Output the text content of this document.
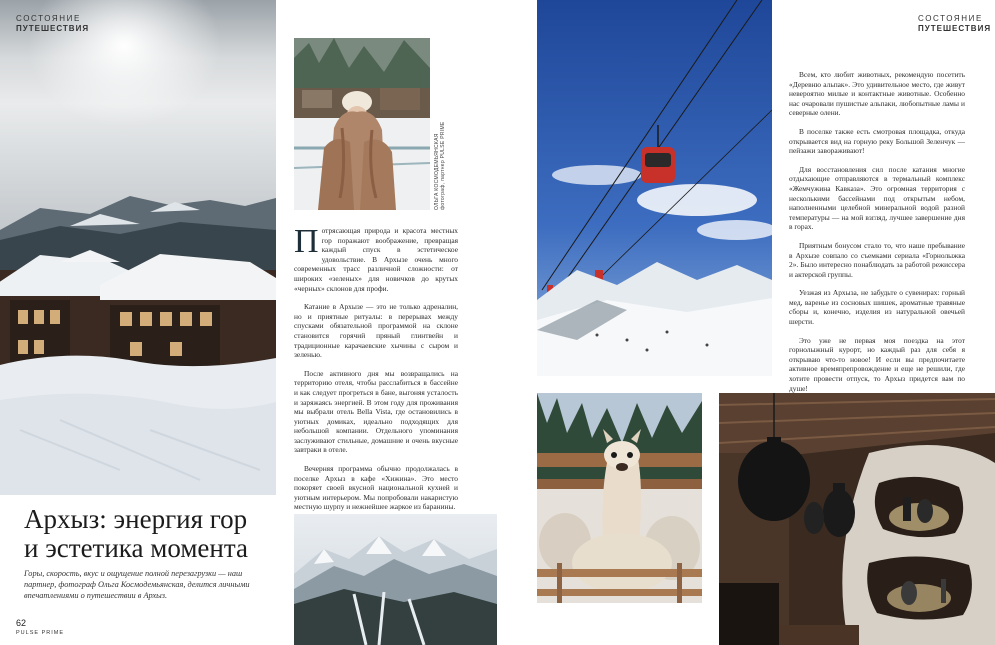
СОСТОЯНИЕ
ПУТЕШЕСТВИЯ
Архыз: энергия гор
и эстетика момента
Горы, скорость, вкус и ощущение полной перезагрузки — наш партнер, фотограф Ольга Космодемьянская, делится личными впечатлениями о путешествии в Архыз.
62
PULSE PRIME
ОЛЬГА КОСМОДЕМЬЯНСКАЯ
фотограф, партнер PULSE PRIME

Потрясающая природа и красота местных гор поражают воображение, превращая каждый спуск в эстетическое удовольствие. В Архызе очень много современных трасс различной сложности: от широких «зеленых» для новичков до крутых «черных» склонов для профи.

Катание в Архызе — это не только адреналин, но и приятные ритуалы: в перерывах между спусками обязательной программой на склоне становится горячий пряный глинтвейн и традиционные карачаевские хычины с сыром и зеленью.

После активного дня мы возвращались на территорию отеля, чтобы расслабиться в бассейне и как следует прогреться в бане, выгоняя усталость и заряжаясь энергией. В этом году для проживания мы выбрали отель Bella Vista, где остановились в уютных домиках, идеально подходящих для небольшой компании. Отдельного упоминания заслуживают стильные, домашние и очень вкусные завтраки в отеле.

Вечерняя программа обычно продолжалась в поселке Архыз в кафе «Хижина». Это место покоряет своей вкусной национальной кухней и уютным интерьером. Мы попробовали накаристую местную шурпу и нежнейшее жаркое из баранины.

СОСТОЯНИЕ
ПУТЕШЕСТВИЯ

Всем, кто любит животных, рекомендую посетить «Деревню альпак». Это удивительное место, где живут невероятно милые и контактные животные. Особенно нас очаровали пушистые альпаки, любопытные ламы и северные олени.

В поселке также есть смотровая площадка, откуда открывается вид на горную реку Большой Зеленчук — пейзажи завораживают!

Для восстановления сил после катания многие отдыхающие отправляются в термальный комплекс «Жемчужина Кавказа». Это огромная территория с несколькими бассейнами под открытым небом, наполненными целебной минеральной водой разной температуры — на мой взгляд, лучшее завершение дня в горах.

Приятным бонусом стало то, что наше пребывание в Архызе совпало со съемками сериала «Горнолыжка 2». Было интересно понаблюдать за работой режиссера и актерской группы.

Уезжая из Архыза, не забудьте о сувенирах: горный мед, варенье из сосновых шишек, ароматные травяные сборы и, конечно, изделия из натуральной овечьей шерсти.

Это уже не первая моя поездка на этот горнолыжный курорт, но каждый раз для себя я открываю что-то новое! И если вы предпочитаете активное времяпрепровождение и еще не решили, где хотите провести отпуск, то Архыз придется вам по душе!
